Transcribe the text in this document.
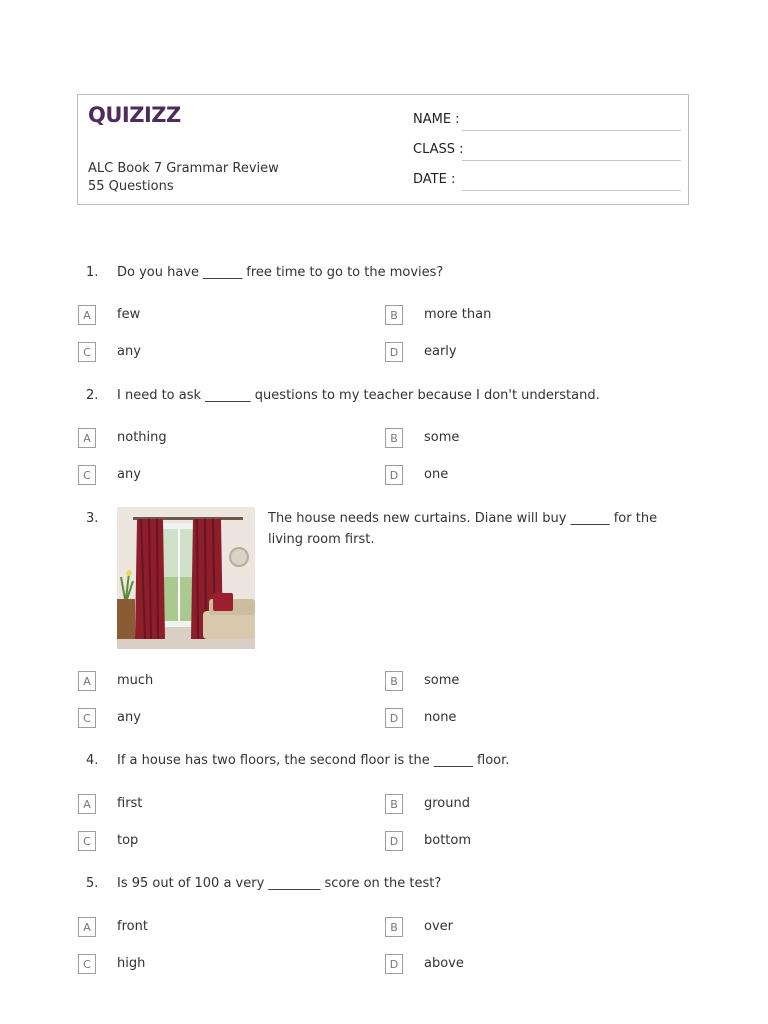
QUIZIZZ
ALC Book 7 Grammar Review
55 Questions
NAME :
CLASS :
DATE :
1. Do you have ______ free time to go to the movies?
A	few	B	more than
C	any	D	early
2. I need to ask _______ questions to my teacher because I don't understand.
A	nothing	B	some
C	any	D	one
3.	The house needs new curtains. Diane will buy ______ for the living room first.
A	much	B	some
C	any	D	none
4. If a house has two floors, the second floor is the ______ floor.
A	first	B	ground
C	top	D	bottom
5. Is 95 out of 100 a very ________ score on the test?
A	front	B	over
C	high	D	above
